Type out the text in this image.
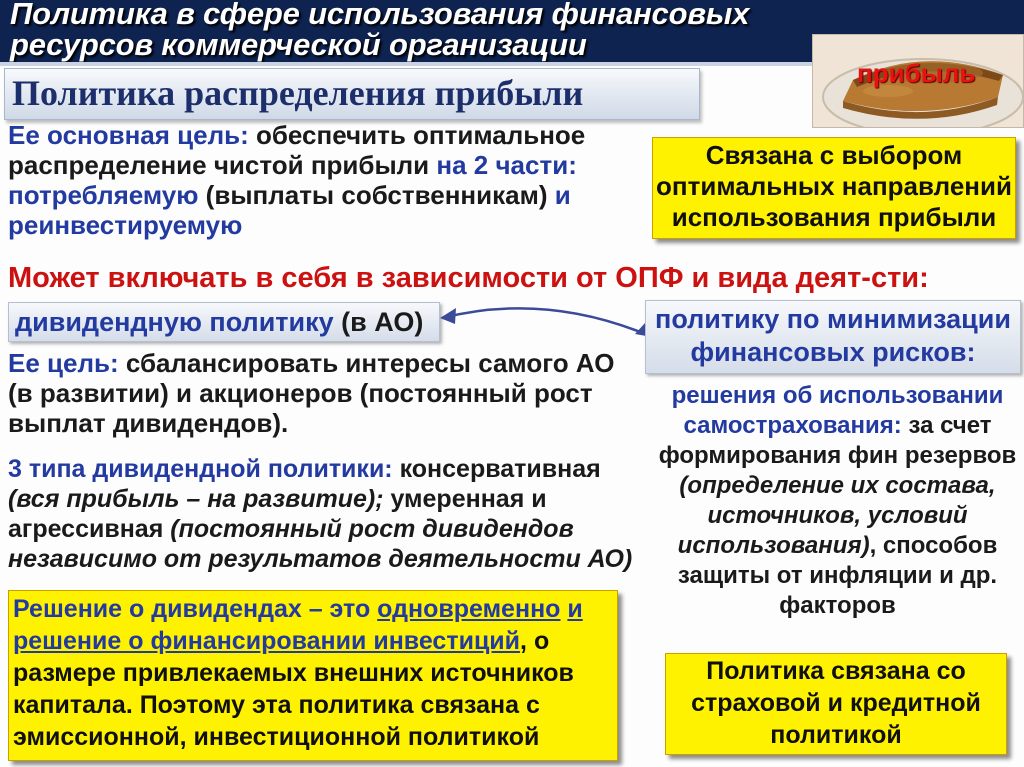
Политика в сфере использования финансовых
ресурсов коммерческой организации
прибыль
Политика распределения прибыли

Ее основная цель: обеспечить оптимальное распределение чистой прибыли на 2 части: потребляемую (выплаты собственникам) и реинвестируемую

Связана с выбором оптимальных направлений использования прибыли

Может включать в себя в зависимости от ОПФ и вида деят-сти:

дивидендную политику (в АО)	политику по минимизации финансовых рисков:

Ее цель: сбалансировать интересы самого АО (в развитии) и акционеров (постоянный рост выплат дивидендов).

3 типа дивидендной политики: консервативная (вся прибыль – на развитие); умеренная и агрессивная (постоянный рост дивидендов независимо от результатов деятельности АО)

решения об использовании самострахования: за счет формирования фин резервов (определение их состава, источников, условий использования), способов защиты от инфляции и др. факторов

Решение о дивидендах – это одновременно и решение о финансировании инвестиций, о размере привлекаемых внешних источников капитала. Поэтому эта политика связана с эмиссионной, инвестиционной политикой
Политика связана со страховой и кредитной политикой
